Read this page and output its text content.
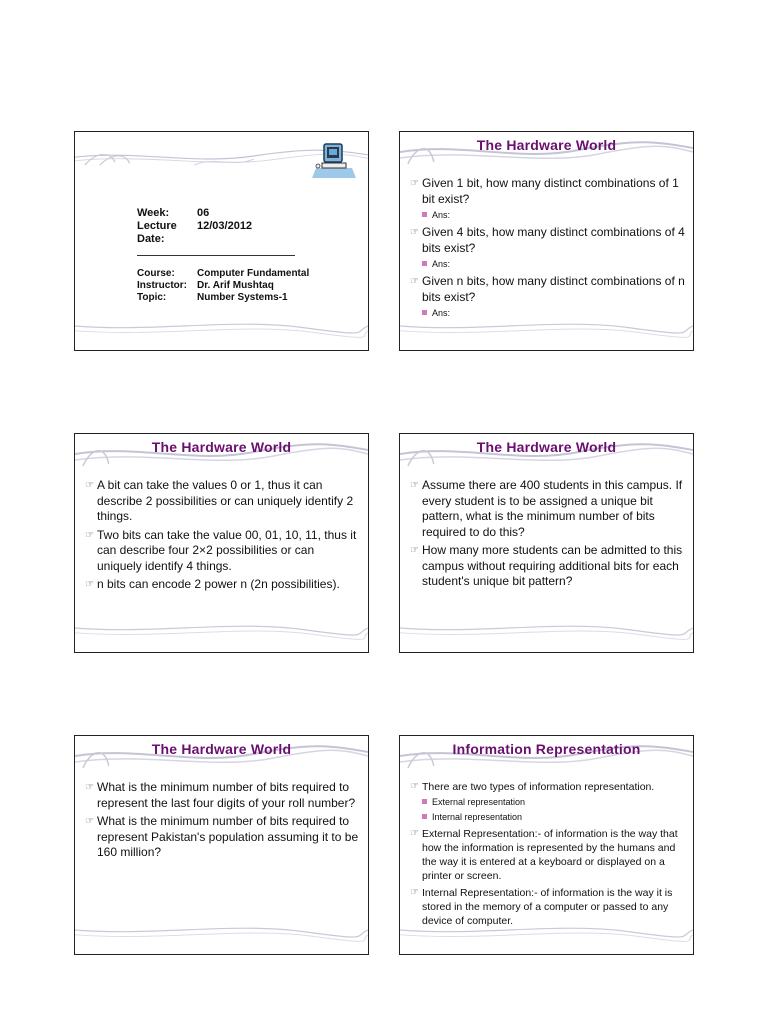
Week:	06
Lecture Date:
12/03/2012
Course:	Computer Fundamental
Instructor:	Dr. Arif Mushtaq
Topic:	Number Systems-1
The Hardware World
☞ Given 1 bit, how many distinct combinations of 1 bit exist?
Ans:
☞ Given 4 bits, how many distinct combinations of 4 bits exist?
Ans:
☞ Given n bits, how many distinct combinations of n bits exist?
Ans:
The Hardware World
☞ A bit can take the values 0 or 1, thus it can describe 2 possibilities or can uniquely identify 2 things.
☞ Two bits can take the value 00, 01, 10, 11, thus it can describe four 2×2 possibilities or can uniquely identify 4 things.
☞ n bits can encode 2 power n (2n possibilities).
The Hardware World
☞ Assume there are 400 students in this campus. If every student is to be assigned a unique bit pattern, what is the minimum number of bits required to do this?
☞ How many more students can be admitted to this campus without requiring additional bits for each student's unique bit pattern?
The Hardware World
☞ What is the minimum number of bits required to represent the last four digits of your roll number?
☞ What is the minimum number of bits required to represent Pakistan's population assuming it to be 160 million?
Information Representation
☞ There are two types of information representation.
External representation
Internal representation
☞ External Representation:- of information is the way that how the information is represented by the humans and the way it is entered at a keyboard or displayed on a printer or screen.
☞ Internal Representation:- of information is the way it is stored in the memory of a computer or passed to any device of computer.
